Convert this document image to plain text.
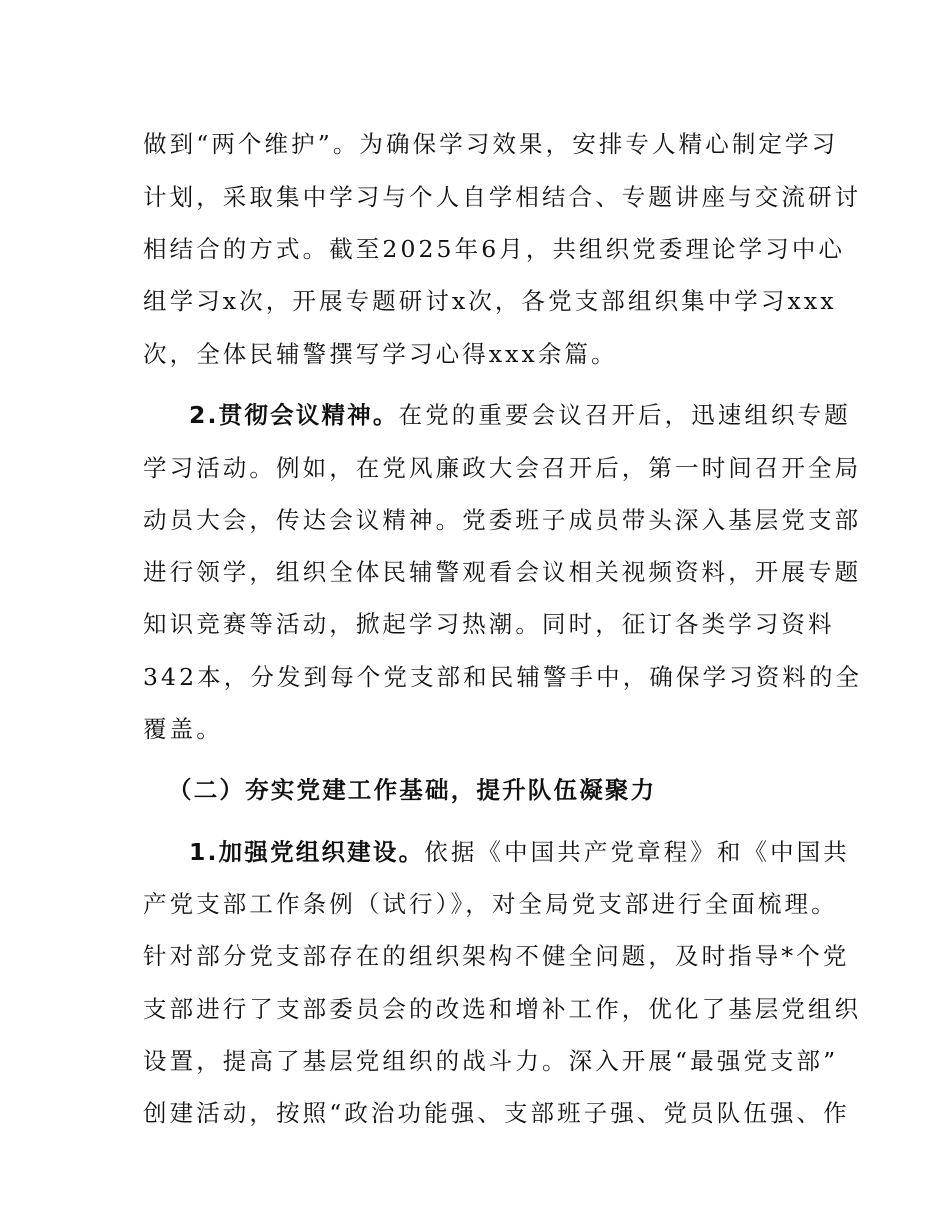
做到“两个维护”。为确保学习效果，安排专人精心制定学习
计划，采取集中学习与个人自学相结合、专题讲座与交流研讨
相结合的方式。截至2025年6月，共组织党委理论学习中心
组学习x次，开展专题研讨x次，各党支部组织集中学习xxx
次，全体民辅警撰写学习心得xxx余篇。
2.贯彻会议精神。在党的重要会议召开后，迅速组织专题
学习活动。例如，在党风廉政大会召开后，第一时间召开全局
动员大会，传达会议精神。党委班子成员带头深入基层党支部
进行领学，组织全体民辅警观看会议相关视频资料，开展专题
知识竞赛等活动，掀起学习热潮。同时，征订各类学习资料
342本，分发到每个党支部和民辅警手中，确保学习资料的全
覆盖。
（二）夯实党建工作基础，提升队伍凝聚力
1.加强党组织建设。依据《中国共产党章程》和《中国共
产党支部工作条例（试行）》，对全局党支部进行全面梳理。
针对部分党支部存在的组织架构不健全问题，及时指导*个党
支部进行了支部委员会的改选和增补工作，优化了基层党组织
设置，提高了基层党组织的战斗力。深入开展“最强党支部”
创建活动，按照“政治功能强、支部班子强、党员队伍强、作
